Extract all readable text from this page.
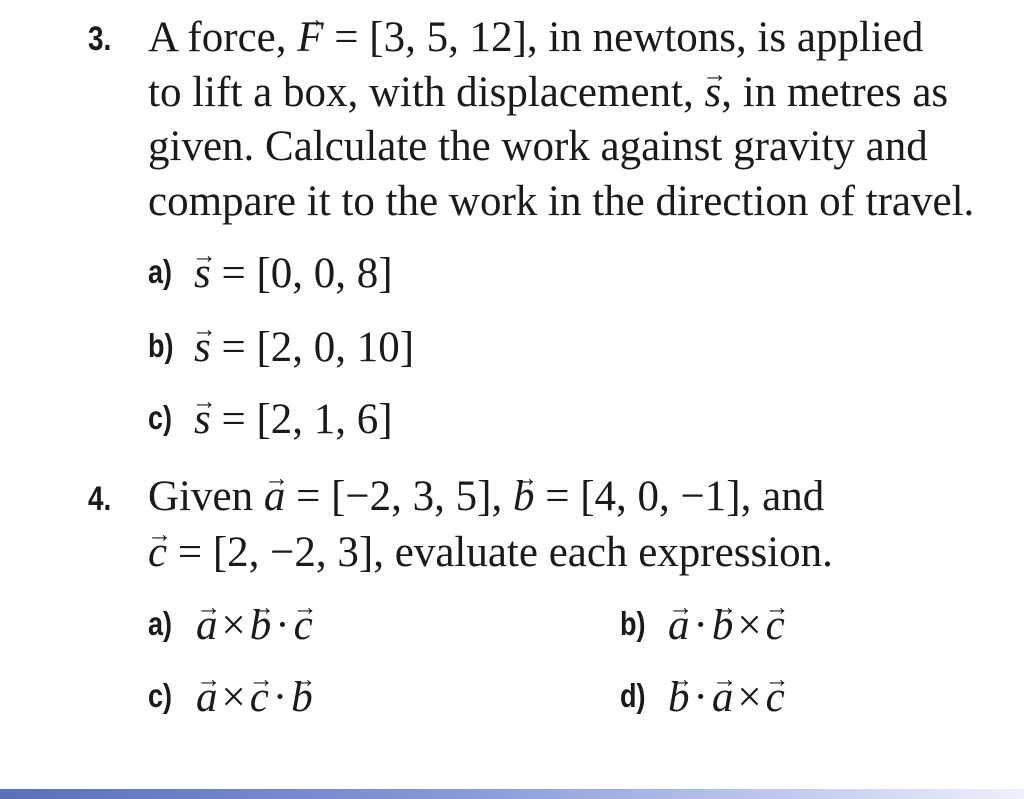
3. A force, → F = [3, 5, 12], in newtons, is applied
to lift a box, with displacement, → s, in metres as
given. Calculate the work against gravity and
compare it to the work in the direction of travel.
a) → s = [0, 0, 8]
b) → s = [2, 0, 10]
c) → s = [2, 1, 6]
4. Given → a = [−2, 3, 5], → b = [4, 0, −1], and
→ c = [2, −2, 3], evaluate each expression.
a) → a×→ b·→ c	b) → a·→ b×→ c
c) → a×→ c·→ b	d) → b·→ a×→ c
